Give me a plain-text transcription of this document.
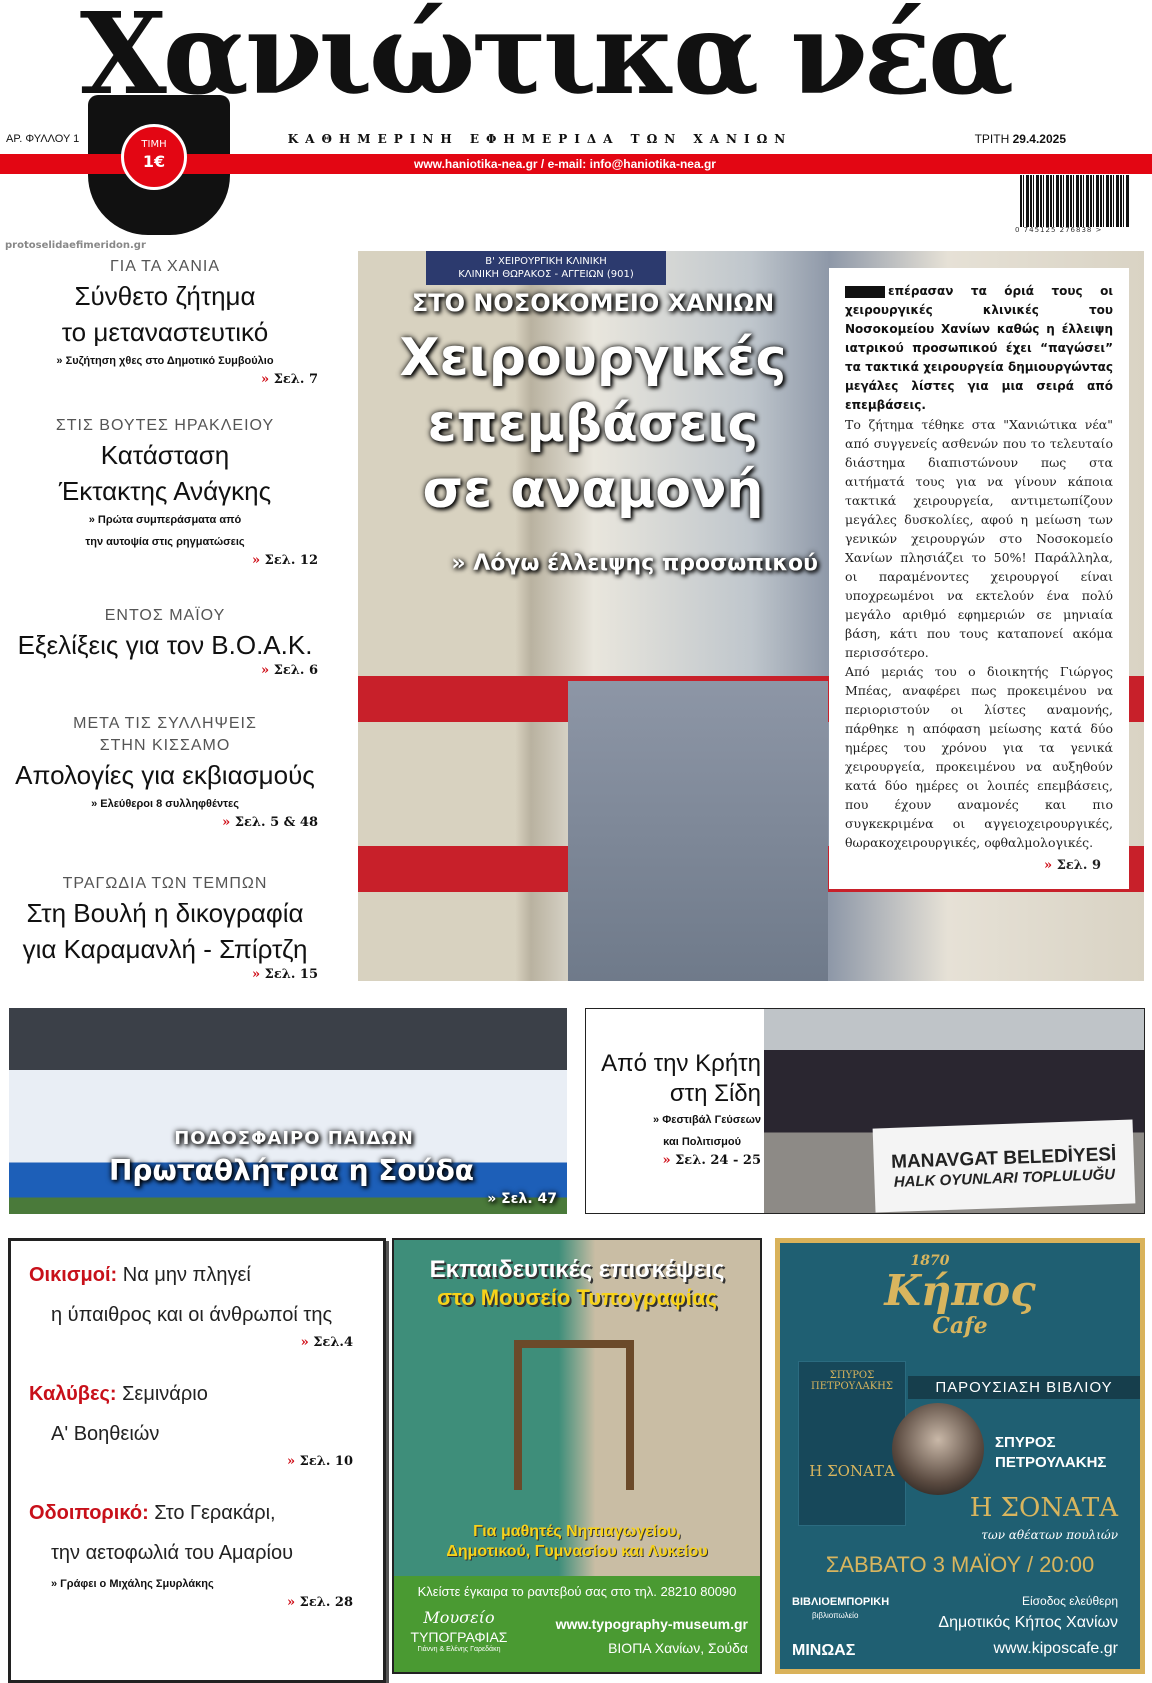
Χανιώτικα νέα
ΑΡ. ΦΥΛΛΟΥ 1	ΚΑΘΗΜΕΡΙΝΗ ΕΦΗΜΕΡΙΔΑ ΤΩΝ ΧΑΝΙΩΝ	ΤΡΙΤΗ 29.4.2025
www.haniotika-nea.gr / e-mail: info@haniotika-nea.gr
ΤΙΜΗ
1€
0 745125 276838 >
protoselidaefimeridon.gr
ΓΙΑ ΤΑ ΧΑΝΙΑ
Σύνθετο ζήτημα
το μεταναστευτικό
» Συζήτηση χθες στο Δημοτικό Συμβούλιο
» Σελ. 7
ΣΤΙΣ ΒΟΥΤΕΣ ΗΡΑΚΛΕΙΟΥ
Κατάσταση
Έκτακτης Ανάγκης
» Πρώτα συμπεράσματα από
την αυτοψία στις ρηγματώσεις
» Σελ. 12
ΕΝΤΟΣ ΜΑΪΟΥ
Εξελίξεις για τον Β.Ο.Α.Κ.
» Σελ. 6
ΜΕΤΑ ΤΙΣ ΣΥΛΛΗΨΕΙΣ ΣΤΗΝ ΚΙΣΣΑΜΟ
Απολογίες για εκβιασμούς
» Ελεύθεροι 8 συλληφθέντες
» Σελ. 5 & 48
ΤΡΑΓΩΔΙΑ ΤΩΝ ΤΕΜΠΩΝ
Στη Βουλή η δικογραφία
για Καραμανλή - Σπίρτζη
» Σελ. 15
Β' ΧΕΙΡΟΥΡΓΙΚΗ ΚΛΙΝΙΚΗ
ΚΛΙΝΙΚΗ ΘΩΡΑΚΟΣ - ΑΓΓΕΙΩΝ (901)
ΣΤΟ ΝΟΣΟΚΟΜΕΙΟ ΧΑΝΙΩΝ
Χειρουργικές
επεμβάσεις
σε αναμονή
» Λόγω έλλειψης προσωπικού

επέρασαν τα όριά τους οι χειρουργικές κλινικές του Νοσοκομείου Χανίων καθώς η έλλειψη ιατρικού προσωπικού έχει “παγώσει” τα τακτικά χειρουργεία δημιουργώντας μεγάλες λίστες για μια σειρά από επεμβάσεις.

Το ζήτημα τέθηκε στα "Χανιώτικα νέα" από συγγενείς ασθενών που το τελευταίο διάστημα διαπιστώνουν πως στα αιτήματά τους για να γίνουν κάποια τακτικά χειρουργεία, αντιμετωπίζουν μεγάλες δυσκολίες, αφού η μείωση των γενικών χειρουργών στο Νοσοκομείο Χανίων πλησιάζει το 50%! Παράλληλα, οι παραμένοντες χειρουργοί είναι υποχρεωμένοι να εκτελούν ένα πολύ μεγάλο αριθμό εφημεριών σε μηνιαία βάση, κάτι που τους καταπονεί ακόμα περισσότερο.

Από μεριάς του ο διοικητής Γιώργος Μπέας, αναφέρει πως προκειμένου να περιοριστούν οι λίστες αναμονής, πάρθηκε η απόφαση μείωσης κατά δύο ημέρες του χρόνου για τα γενικά χειρουργεία, προκειμένου να αυξηθούν κατά δύο ημέρες οι λοιπές επεμβάσεις, που έχουν αναμονές και πιο συγκεκριμένα οι αγγειοχειρουργικές, θωρακοχειρουργικές, οφθαλμολογικές.

» Σελ. 9
ΠΟΔΟΣΦΑΙΡΟ ΠΑΙΔΩΝ
Πρωταθλήτρια η Σούδα
» Σελ. 47
MANAVGAT BELEDİYESİ
HALK OYUNLARI TOPLULUĞU
Από την Κρήτη
στη Σίδη
» Φεστιβάλ Γεύσεων
και Πολιτισμού
» Σελ. 24 - 25
Οικισμοί: Να μην πληγεί
η ύπαιθρος και οι άνθρωποί της
» Σελ.4
Καλύβες: Σεμινάριο
Α' Βοηθειών
» Σελ. 10
Οδοιπορικό: Στο Γερακάρι,
την αετοφωλιά του Αμαρίου
» Γράφει ο Μιχάλης Σμυρλάκης
» Σελ. 28
Εκπαιδευτικές επισκέψεις
στο Μουσείο Τυπογραφίας
Για μαθητές Νηπιαγωγείου,
Δημοτικού, Γυμνασίου και Λυκείου
Κλείστε έγκαιρα το ραντεβού σας στο τηλ. 28210 80090
Μουσείο
ΤΥΠΟΓΡΑΦΙΑΣ
Γιάννη & Ελένης Γαρεδάκη
www.typography-museum.gr
ΒΙΟΠΑ Χανίων, Σούδα
1870
Κήπος
Cafe
ΣΠΥΡΟΣ ΠΕΤΡΟΥΛΑΚΗΣ
Η ΣΟΝΑΤΑ
ΠΑΡΟΥΣΙΑΣΗ ΒΙΒΛΙΟΥ
ΣΠΥΡΟΣ
ΠΕΤΡΟΥΛΑΚΗΣ
Η ΣΟΝΑΤΑ
των αθέατων πουλιών
ΣΑΒΒΑΤΟ 3 ΜΑΪΟΥ / 20:00
Είσοδος ελεύθερη
Δημοτικός Κήπος Χανίων
www.kiposcafe.gr
ΒΙΒΛΙΟΕΜΠΟΡΙΚΗ
βιβλιοπωλείο
ΜΙΝΩΑΣ
